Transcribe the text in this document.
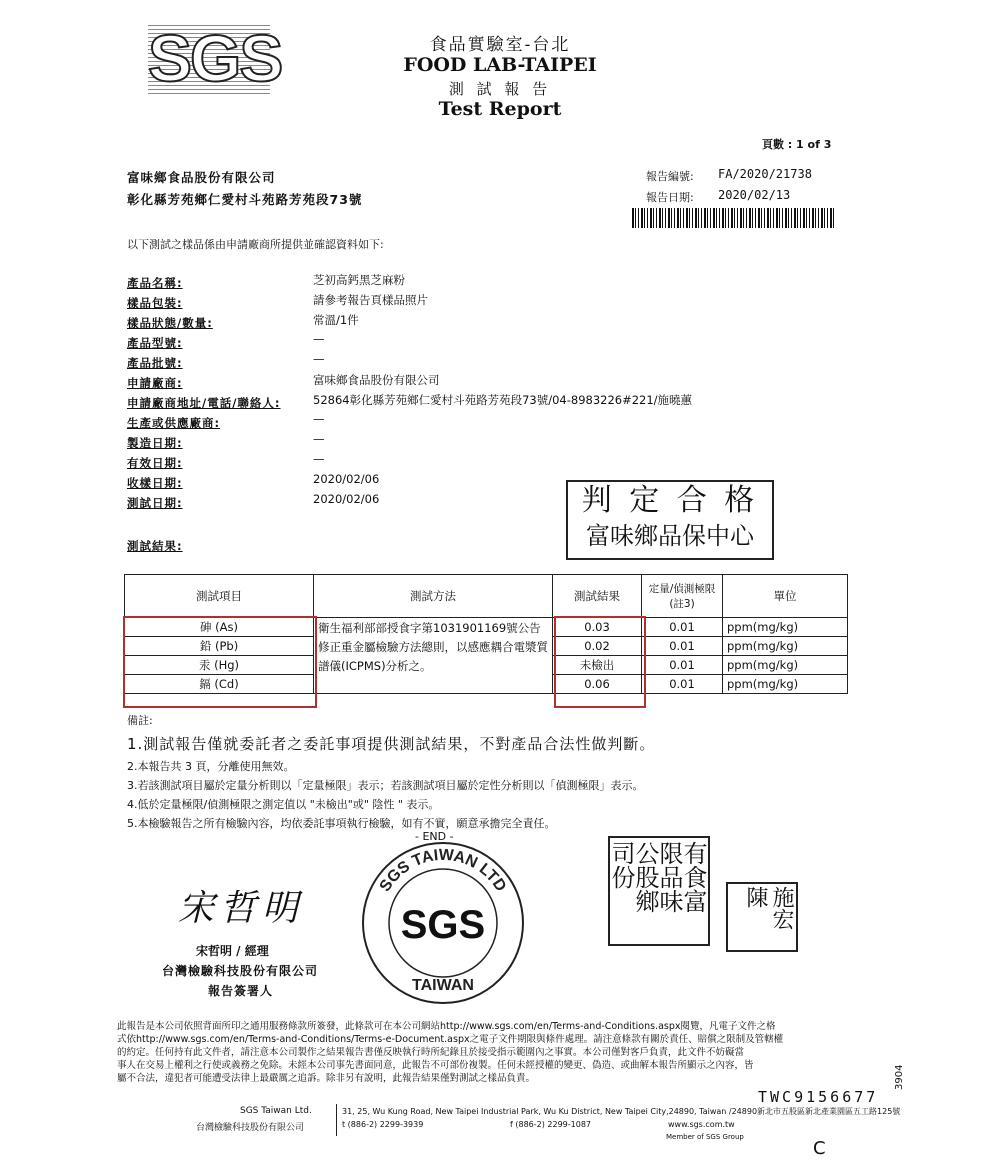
SGS	食品實驗室-台北
FOOD LAB-TAIPEI
測 試 報 告
Test Report
頁數 : 1 of 3
富味鄉食品股份有限公司
彰化縣芳苑鄉仁愛村斗苑路芳苑段73號
報告編號: FA/2020/21738
報告日期: 2020/02/13
以下測試之樣品係由申請廠商所提供並確認資料如下:
產品名稱:	芝初高鈣黑芝麻粉
樣品包裝:	請參考報告頁樣品照片
樣品狀態/數量:	常溫/1件
產品型號:	—
產品批號:	—
申請廠商:	富味鄉食品股份有限公司
申請廠商地址/電話/聯絡人:	52864彰化縣芳苑鄉仁愛村斗苑路芳苑段73號/04-8983226#221/施曉蕙
生產或供應廠商:	—
製造日期:	—
有效日期:	—
收樣日期:	2020/02/06
測試日期:	2020/02/06	判 定 合 格
富味鄉品保中心
測試結果:
測試項目	測試方法	測試結果	定量/偵測極限(註3)	單位
砷 (As)	衛生福利部部授食字第1031901169號公告修正重金屬檢驗方法總則，以感應耦合電漿質譜儀(ICPMS)分析之。	0.03	0.01	ppm(mg/kg)
鉛 (Pb)		0.02	0.01	ppm(mg/kg)
汞 (Hg)		未檢出	0.01	ppm(mg/kg)
鎘 (Cd)		0.06	0.01	ppm(mg/kg)
備註:
1.測試報告僅就委託者之委託事項提供測試結果，不對產品合法性做判斷。
2.本報告共 3 頁，分離使用無效。
3.若該測試項目屬於定量分析則以「定量極限」表示；若該測試項目屬於定性分析則以「偵測極限」表示。
4.低於定量極限/偵測極限之測定值以 "未檢出"或" 陰性 " 表示。
5.本檢驗報告之所有檢驗內容，均依委託事項執行檢驗，如有不實，願意承擔完全責任。
- END -
宋哲明
宋哲明 / 經理
台灣檢驗科技股份有限公司
報告簽署人
SGS TAIWAN LTD
SGS
TAIWAN
有食富
限品味
公股鄉
司份
施宏陳
此報告是本公司依照背面所印之通用服務條款所簽發，此條款可在本公司網站http://www.sgs.com/en/Terms-and-Conditions.aspx閱覽，凡電子文件之格
式依http://www.sgs.com/en/Terms-and-Conditions/Terms-e-Document.aspx之電子文件期限與條件處理。請注意條款有關於責任、賠償之限制及管轄權
的約定。任何持有此文件者，請注意本公司製作之結果報告書僅反映執行時所紀錄且於接受指示範圍內之事實。本公司僅對客戶負責，此文件不妨礙當
事人在交易上權利之行使或義務之免除。未經本公司事先書面同意，此報告不可部份複製。任何未經授權的變更、偽造、或曲解本報告所顯示之內容，皆
屬不合法，違犯者可能遭受法律上最嚴厲之追訴。除非另有說明，此報告結果僅對測試之樣品負責。
TWC9156677
3904
SGS Taiwan Ltd.
台灣檢驗科技股份有限公司
31, 25, Wu Kung Road, New Taipei Industrial Park, Wu Ku District, New Taipei City,24890, Taiwan /24890新北市五股區新北產業園區五工路125號
t (886-2) 2299-3939	f (886-2) 2299-1087	www.sgs.com.tw
Member of SGS Group
C
